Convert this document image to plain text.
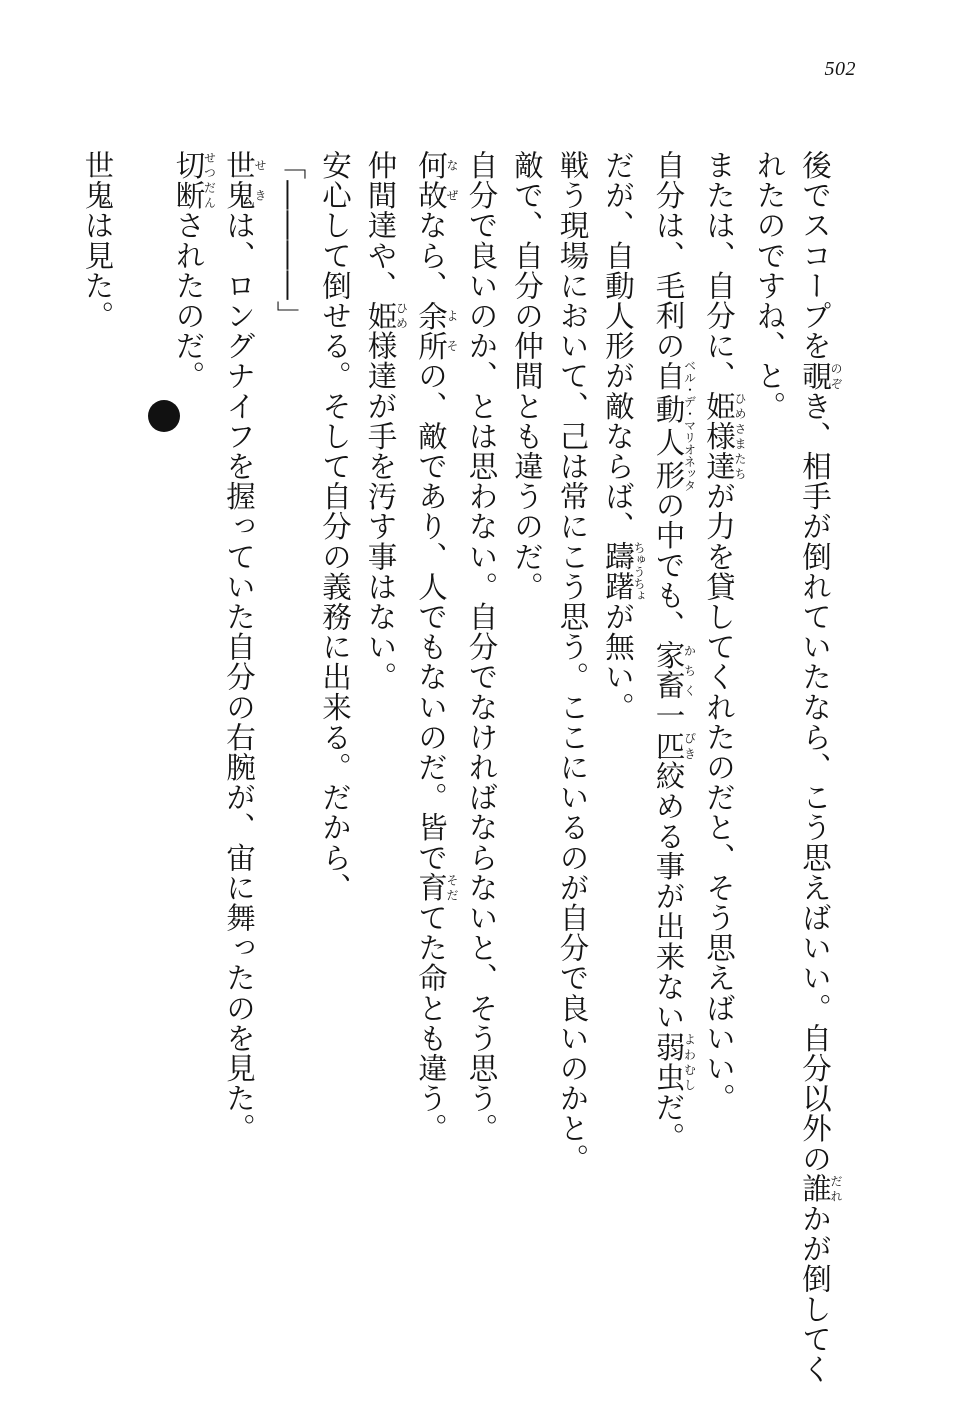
502
後でスコープを覗のぞき、相手が倒れていたなら、こう思えばいい。自分以外の誰だれかが倒してく
れたのですね、と。
または、自分に、姫様達ひめさまたちが力を貸してくれたのだと、そう思えばいい。
自分は、毛利の自動人形ベル・デ・マリオネッタの中でも、家畜かちく一匹ぴき絞める事が出来ない弱虫よわむしだ。
だが、自動人形が敵ならば、躊躇ちゅうちょが無い。
戦う現場において、己は常にこう思う。ここにいるのが自分で良いのかと。
敵で、自分の仲間とも違うのだ。
自分で良いのか、とは思わない。自分でなければならないと、そう思う。
何故なぜなら、余所よその、敵であり、人でもないのだ。皆で育そだてた命とも違う。
仲間達や、姫ひめ様達が手を汚す事はない。
安心して倒せる。そして自分の義務に出来る。だから、
「――――」
世鬼せきは、ロングナイフを握っていた自分の右腕が、宙に舞ったのを見た。
切断せつだんされたのだ。
世鬼は見た。
